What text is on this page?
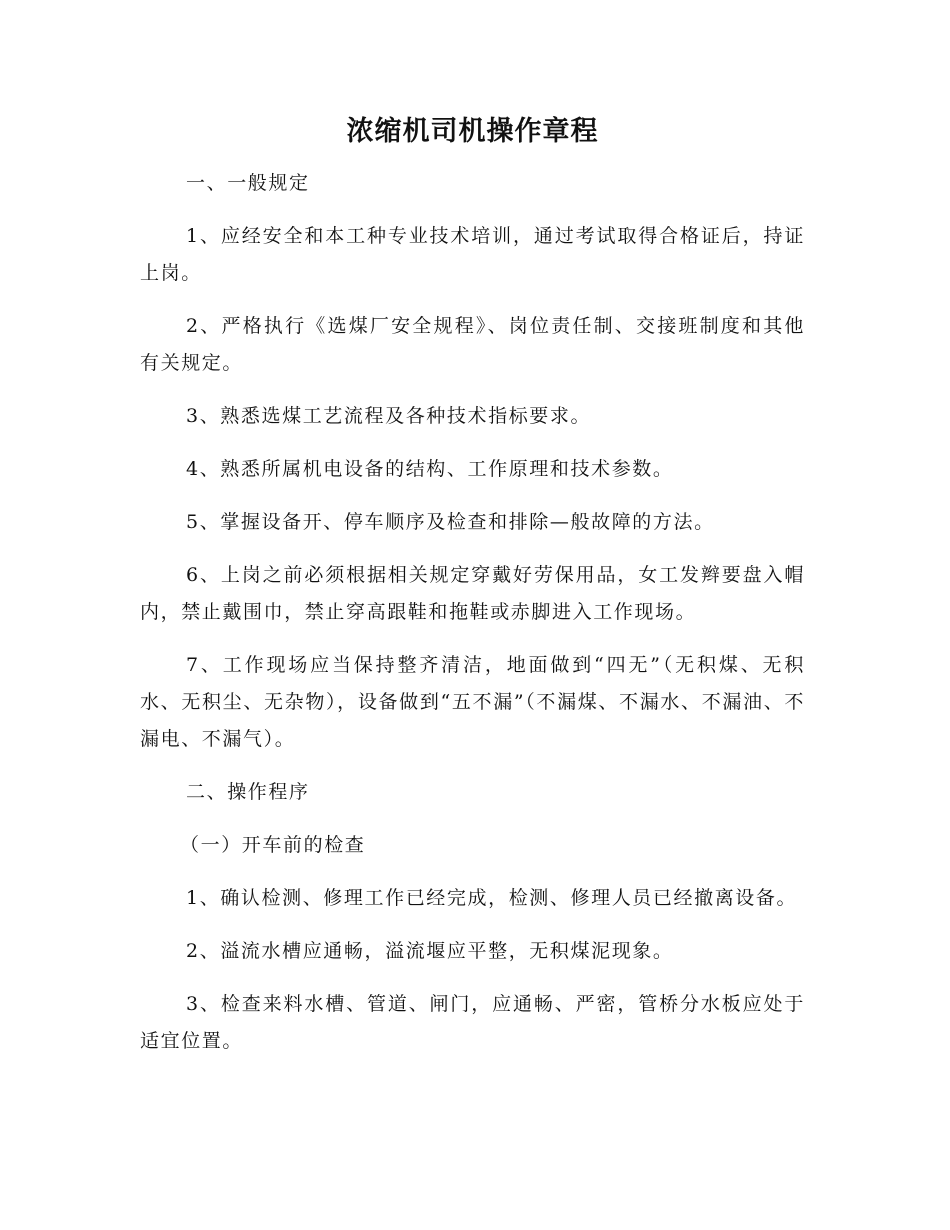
浓缩机司机操作章程

一、一般规定

1、应经安全和本工种专业技术培训，通过考试取得合格证后，持证上岗。

2、严格执行《选煤厂安全规程》、岗位责任制、交接班制度和其他有关规定。

3、熟悉选煤工艺流程及各种技术指标要求。

4、熟悉所属机电设备的结构、工作原理和技术参数。

5、掌握设备开、停车顺序及检查和排除—般故障的方法。

6、上岗之前必须根据相关规定穿戴好劳保用品，女工发辫要盘入帽内，禁止戴围巾，禁止穿高跟鞋和拖鞋或赤脚进入工作现场。

7、工作现场应当保持整齐清洁，地面做到“四无”（无积煤、无积水、无积尘、无杂物），设备做到“五不漏”（不漏煤、不漏水、不漏油、不漏电、不漏气）。

二、操作程序

（一）开车前的检查

1、确认检测、修理工作已经完成，检测、修理人员已经撤离设备。

2、溢流水槽应通畅，溢流堰应平整，无积煤泥现象。

3、检查来料水槽、管道、闸门，应通畅、严密，管桥分水板应处于适宜位置。
